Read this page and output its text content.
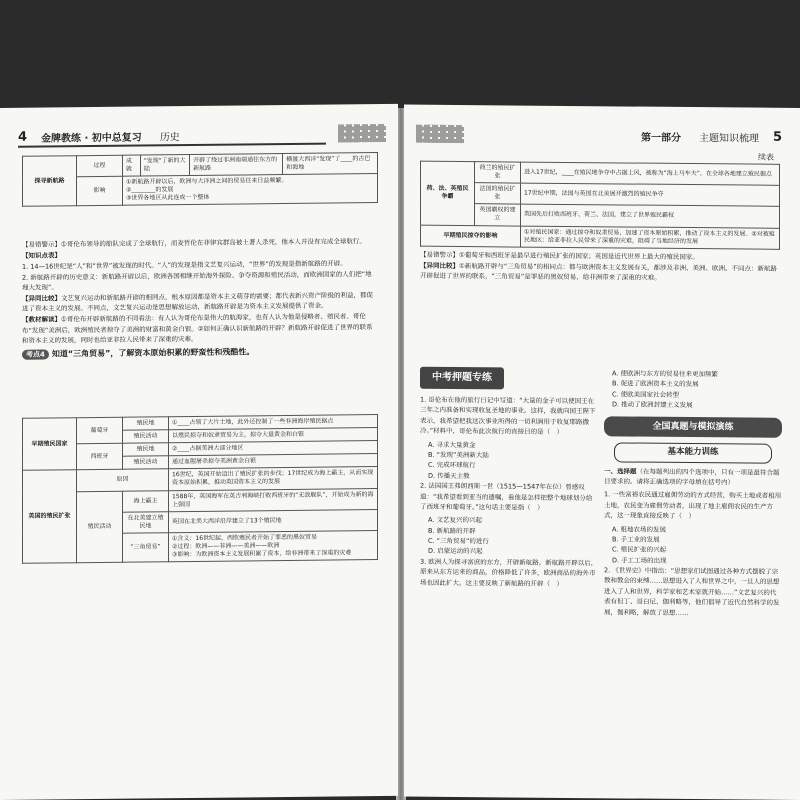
4 金牌教练 · 初中总复习 历史
探寻新航路	过程	成就	"发现"了新的大陆	开辟了绕过非洲南端通往东方的新航路	横渡大西洋“发现”了____的古巴和海地
	影响	①新航路开辟以后，欧洲与大洋洲之间的贸易往来日益频繁。
②________的发展
③世界各地区从此连成一个整体			
【易错警示】①哥伦布领导的船队完成了全球航行，而麦哲伦在菲律宾群岛被土著人杀死，他本人并没有完成全球航行。
【知识点表】
1. 14—16世纪是“人”和“世界”被发现的时代。“人”的发现是指文艺复兴运动，“世界”的发现是指新航路的开辟。
2. 新航路开辟的历史意义：新航路开辟以后，欧洲各国相继开始海外探险、争夺资源和殖民活动，而欧洲国家的人们把“地理大发现”。
【异同比较】文艺复兴运动和新航路开辟的相同点，根本原因都是资本主义萌芽的需要；都代表新兴资产阶级的利益，都促进了资本主义的发展。不同点，文艺复兴运动是思想解放运动，新航路开辟是为资本主义发展提供了资金。
【教材解读】①哥伦布开辟新航路的不同看法：有人认为哥伦布是伟大的航海家，也有人认为他是侵略者、殖民者。哥伦布“发现”美洲后，欧洲殖民者掠夺了美洲的财富和黄金白银。②如何正确认识新航路的开辟？新航路开辟促进了世界的联系和资本主义的发展，同时也给亚非拉人民带来了深重的灾难。
考点4 知道“三角贸易”，了解资本原始积累的野蛮性和残酷性。
早期殖民国家	葡萄牙	殖民地	①____占领了大片土地，此外还控制了一些非洲海岸殖民据点
		殖民活动	以殖民掠夺和奴隶贸易为主，掠夺大量黄金和白银
	西班牙	殖民地	②____占据美洲大部分地区
		殖民活动	通过血腥屠杀掠夺美洲黄金白银
英国的殖民扩张	原因		16世纪，英国开始迈出了殖民扩张的步伐；17世纪成为海上霸主，从而实现资本原始积累，推动英国资本主义的发展
	殖民活动	海上霸主	1588年，英国海军在英吉利海峡打败西班牙的“无敌舰队”，开始成为新的海上强国
		在北美建立殖民地	英国在北美大西洋沿岸建立了13个殖民地
		“三角贸易”	①含义：16世纪起，西欧殖民者开始了罪恶的黑奴贸易
②过程：欧洲——非洲——美洲——欧洲
③影响：为欧洲资本主义发展积累了资本，给非洲带来了深重的灾难
第一部分 主题知识梳理 5
续表
荷、法、英殖民争霸	荷兰的殖民扩张	进入17世纪，____在殖民地争夺中占据上风，被称为“海上马车夫”，在全球各地建立殖民据点
	法国的殖民扩张	17世纪中期，法国与英国在北美展开激烈的殖民争夺
	英国霸权的建立	英国先后打败西班牙、荷兰、法国，建立了世界殖民霸权
早期殖民掠夺的影响		①对殖民国家：通过掠夺和奴隶贸易，加速了资本原始积累，推动了资本主义的发展。②对被殖民地区：给亚非拉人民带来了深重的灾难，阻碍了当地经济的发展
【易错警示】①葡萄牙和西班牙是最早进行殖民扩张的国家；英国是近代世界上最大的殖民国家。
【异同比较】①新航路开辟与“三角贸易”的相同点：都与欧洲资本主义发展有关，都涉及非洲、美洲、欧洲。不同点：新航路开辟促进了世界的联系，“三角贸易”是罪恶的黑奴贸易，给非洲带来了深重的灾难。
中考押题专练
1. 哥伦布在他的旅行日记中写道：“大量的金子可以使国王在三年之内准备和实现收复圣地的事业。这样，我就向国王陛下表示，我希望把我这次事业所得的一切利润用于收复耶路撒冷。”材料中，哥伦布此次航行的直接目的是（　）
A. 寻求大量黄金
B. “发现”美洲新大陆
C. 完成环球航行
D. 传播天主教
2. 法国国王弗朗西斯一世（1515—1547年在位）曾感叹道：“我希望看到亚当的遗嘱，看他是怎样把整个地球划分给了西班牙和葡萄牙。”这句话主要是指（　）
A. 文艺复兴的兴起
B. 新航路的开辟
C. “三角贸易”的进行
D. 启蒙运动的兴起
3. 欧洲人为探寻富庶的东方，开辟新航路。新航路开辟以后，原来从东方运来的商品，价格降低了许多，欧洲商品的海外市场也因此扩大。这主要反映了新航路的开辟（　）
A. 使欧洲与东方的贸易往来更加频繁
B. 促进了欧洲资本主义的发展
C. 使欧美国家社会转型
D. 推动了欧洲封建主义发展
全国真题与模拟演练
基本能力训练
一、选择题（在每题列出的四个选项中，只有一项是最符合题目要求的。请将正确选项的字母填在括号内）
1. 一些富裕农民通过雇佣劳动的方式经营，购买土地或者租用土地，农民变为雇佣劳动者，出现了地主雇佣农民的生产方式，这一现象直接反映了（　）
A. 租地农场的发展
B. 手工业的发展
C. 殖民扩张的兴起
D. 手工工场的出现
2. 《世界史》中指出：“思想家们试图通过各种方式摆脱了宗教和教会的束缚……思想进入了人和世界之中，一旦人的思想进入了人和世界，科学家和艺术家就开始……”文艺复兴的代表有但丁、哥白尼、伽利略等，他们倡导了近代自然科学的发展，伽利略，解放了思想……
